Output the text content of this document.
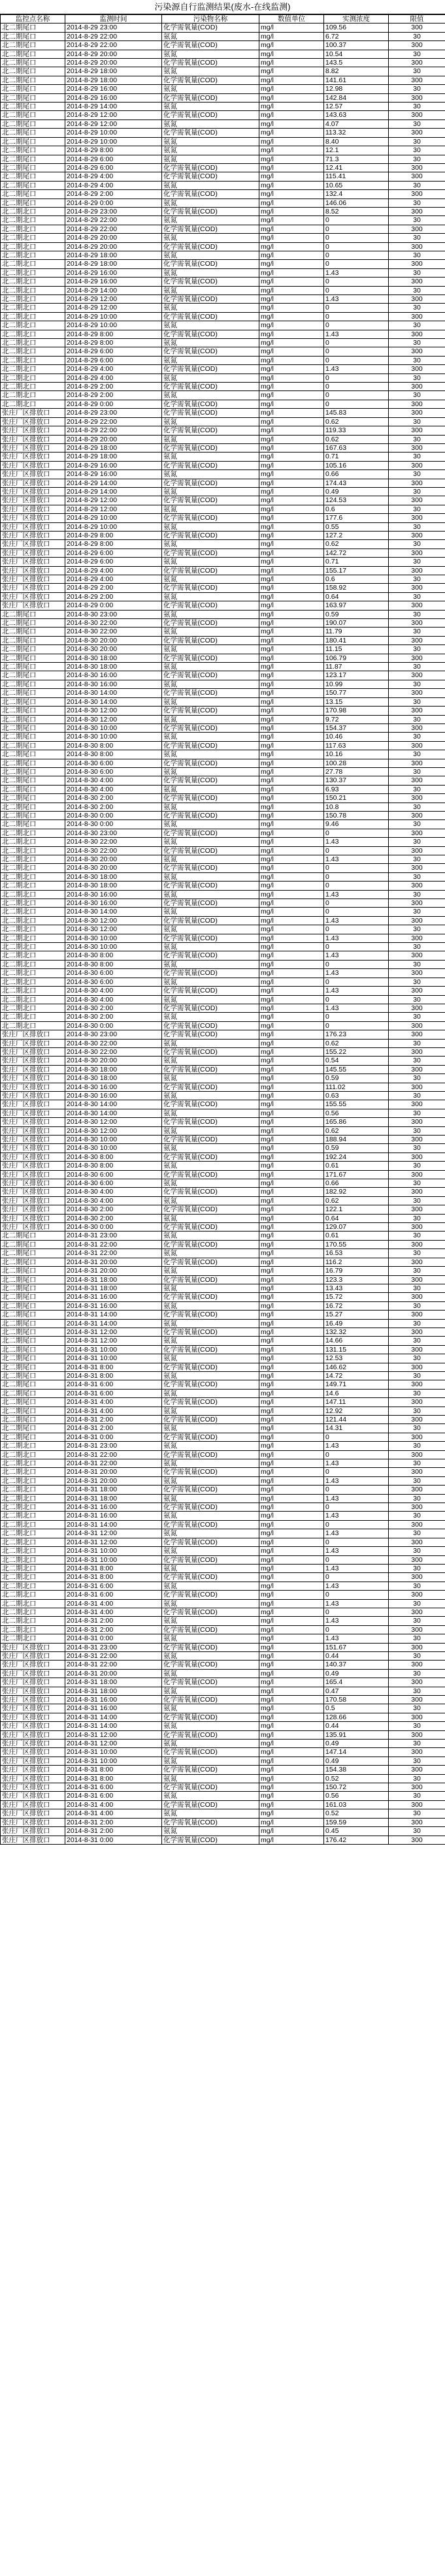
污染源自行监测结果(废水-在线监测)
监控点名称	监测时间	污染物名称	数值单位	实测浓度	限值
北二期尾口	2014-8-29 23:00	化学需氧量(COD)	mg/l	109.56	300
北二期尾口	2014-8-29 22:00	氨氮	mg/l	6.72	30
北二期尾口	2014-8-29 22:00	化学需氧量(COD)	mg/l	100.37	300
北二期尾口	2014-8-29 20:00	氨氮	mg/l	10.54	30
北二期尾口	2014-8-29 20:00	化学需氧量(COD)	mg/l	143.5	300
北二期尾口	2014-8-29 18:00	氨氮	mg/l	8.82	30
北二期尾口	2014-8-29 18:00	化学需氧量(COD)	mg/l	141.61	300
北二期尾口	2014-8-29 16:00	氨氮	mg/l	12.98	30
北二期尾口	2014-8-29 16:00	化学需氧量(COD)	mg/l	142.84	300
北二期尾口	2014-8-29 14:00	氨氮	mg/l	12.57	30
北二期尾口	2014-8-29 12:00	化学需氧量(COD)	mg/l	143.63	300
北二期尾口	2014-8-29 12:00	氨氮	mg/l	4.07	30
北二期尾口	2014-8-29 10:00	化学需氧量(COD)	mg/l	113.32	300
北二期尾口	2014-8-29 10:00	氨氮	mg/l	8.40	30
北二期尾口	2014-8-29 8:00	氨氮	mg/l	12.1	30
北二期尾口	2014-8-29 6:00	氨氮	mg/l	71.3	30
北二期尾口	2014-8-29 6:00	化学需氧量(COD)	mg/l	12.41	300
北二期尾口	2014-8-29 4:00	化学需氧量(COD)	mg/l	115.41	300
北二期尾口	2014-8-29 4:00	氨氮	mg/l	10.65	30
北二期尾口	2014-8-29 2:00	化学需氧量(COD)	mg/l	132.4	300
北二期尾口	2014-8-29 0:00	氨氮	mg/l	146.06	30
北二期北口	2014-8-29 23:00	化学需氧量(COD)	mg/l	8.52	300
北二期北口	2014-8-29 22:00	氨氮	mg/l	0	30
北二期北口	2014-8-29 22:00	化学需氧量(COD)	mg/l	0	300
北二期北口	2014-8-29 20:00	氨氮	mg/l	0	30
北二期北口	2014-8-29 20:00	化学需氧量(COD)	mg/l	0	300
北二期北口	2014-8-29 18:00	氨氮	mg/l	0	30
北二期北口	2014-8-29 18:00	化学需氧量(COD)	mg/l	0	300
北二期北口	2014-8-29 16:00	氨氮	mg/l	1.43	30
北二期北口	2014-8-29 16:00	化学需氧量(COD)	mg/l	0	300
北二期北口	2014-8-29 14:00	氨氮	mg/l	0	30
北二期北口	2014-8-29 12:00	化学需氧量(COD)	mg/l	1.43	300
北二期北口	2014-8-29 12:00	氨氮	mg/l	0	30
北二期北口	2014-8-29 10:00	化学需氧量(COD)	mg/l	0	300
北二期北口	2014-8-29 10:00	氨氮	mg/l	0	30
北二期北口	2014-8-29 8:00	化学需氧量(COD)	mg/l	1.43	300
北二期北口	2014-8-29 8:00	氨氮	mg/l	0	30
北二期北口	2014-8-29 6:00	化学需氧量(COD)	mg/l	0	300
北二期北口	2014-8-29 6:00	氨氮	mg/l	0	30
北二期北口	2014-8-29 4:00	化学需氧量(COD)	mg/l	1.43	300
北二期北口	2014-8-29 4:00	氨氮	mg/l	0	30
北二期北口	2014-8-29 2:00	化学需氧量(COD)	mg/l	0	300
北二期北口	2014-8-29 2:00	氨氮	mg/l	0	30
北二期北口	2014-8-29 0:00	化学需氧量(COD)	mg/l	0	300
张庄厂区排放口	2014-8-29 23:00	化学需氧量(COD)	mg/l	145.83	300
张庄厂区排放口	2014-8-29 22:00	氨氮	mg/l	0.62	30
张庄厂区排放口	2014-8-29 22:00	化学需氧量(COD)	mg/l	119.33	300
张庄厂区排放口	2014-8-29 20:00	氨氮	mg/l	0.62	30
张庄厂区排放口	2014-8-29 18:00	化学需氧量(COD)	mg/l	167.63	300
张庄厂区排放口	2014-8-29 18:00	氨氮	mg/l	0.71	30
张庄厂区排放口	2014-8-29 16:00	化学需氧量(COD)	mg/l	105.16	300
张庄厂区排放口	2014-8-29 16:00	氨氮	mg/l	0.66	30
张庄厂区排放口	2014-8-29 14:00	化学需氧量(COD)	mg/l	174.43	300
张庄厂区排放口	2014-8-29 14:00	氨氮	mg/l	0.49	30
张庄厂区排放口	2014-8-29 12:00	化学需氧量(COD)	mg/l	124.53	300
张庄厂区排放口	2014-8-29 12:00	氨氮	mg/l	0.6	30
张庄厂区排放口	2014-8-29 10:00	化学需氧量(COD)	mg/l	177.6	300
张庄厂区排放口	2014-8-29 10:00	氨氮	mg/l	0.55	30
张庄厂区排放口	2014-8-29 8:00	化学需氧量(COD)	mg/l	127.2	300
张庄厂区排放口	2014-8-29 8:00	氨氮	mg/l	0.62	30
张庄厂区排放口	2014-8-29 6:00	化学需氧量(COD)	mg/l	142.72	300
张庄厂区排放口	2014-8-29 6:00	氨氮	mg/l	0.71	30
张庄厂区排放口	2014-8-29 4:00	化学需氧量(COD)	mg/l	155.17	300
张庄厂区排放口	2014-8-29 4:00	氨氮	mg/l	0.6	30
张庄厂区排放口	2014-8-29 2:00	化学需氧量(COD)	mg/l	158.92	300
张庄厂区排放口	2014-8-29 2:00	氨氮	mg/l	0.64	30
张庄厂区排放口	2014-8-29 0:00	化学需氧量(COD)	mg/l	163.97	300
北二期尾口	2014-8-30 23:00	氨氮	mg/l	0.59	30
北二期尾口	2014-8-30 22:00	化学需氧量(COD)	mg/l	190.07	300
北二期尾口	2014-8-30 22:00	氨氮	mg/l	11.79	30
北二期尾口	2014-8-30 20:00	化学需氧量(COD)	mg/l	180.41	300
北二期尾口	2014-8-30 20:00	氨氮	mg/l	11.15	30
北二期尾口	2014-8-30 18:00	化学需氧量(COD)	mg/l	106.79	300
北二期尾口	2014-8-30 18:00	氨氮	mg/l	11.87	30
北二期尾口	2014-8-30 16:00	化学需氧量(COD)	mg/l	123.17	300
北二期尾口	2014-8-30 16:00	氨氮	mg/l	10.99	30
北二期尾口	2014-8-30 14:00	化学需氧量(COD)	mg/l	150.77	300
北二期尾口	2014-8-30 14:00	氨氮	mg/l	13.15	30
北二期尾口	2014-8-30 12:00	化学需氧量(COD)	mg/l	170.98	300
北二期尾口	2014-8-30 12:00	氨氮	mg/l	9.72	30
北二期尾口	2014-8-30 10:00	化学需氧量(COD)	mg/l	154.37	300
北二期尾口	2014-8-30 10:00	氨氮	mg/l	10.46	30
北二期尾口	2014-8-30 8:00	化学需氧量(COD)	mg/l	117.63	300
北二期尾口	2014-8-30 8:00	氨氮	mg/l	10.16	30
北二期尾口	2014-8-30 6:00	化学需氧量(COD)	mg/l	100.28	300
北二期尾口	2014-8-30 6:00	氨氮	mg/l	27.78	30
北二期尾口	2014-8-30 4:00	化学需氧量(COD)	mg/l	130.37	300
北二期尾口	2014-8-30 4:00	氨氮	mg/l	6.93	30
北二期尾口	2014-8-30 2:00	化学需氧量(COD)	mg/l	150.21	300
北二期尾口	2014-8-30 2:00	氨氮	mg/l	10.8	30
北二期尾口	2014-8-30 0:00	化学需氧量(COD)	mg/l	150.78	300
北二期尾口	2014-8-30 0:00	氨氮	mg/l	9.46	30
北二期北口	2014-8-30 23:00	化学需氧量(COD)	mg/l	0	300
北二期北口	2014-8-30 22:00	氨氮	mg/l	1.43	30
北二期北口	2014-8-30 22:00	化学需氧量(COD)	mg/l	0	300
北二期北口	2014-8-30 20:00	氨氮	mg/l	1.43	30
北二期北口	2014-8-30 20:00	化学需氧量(COD)	mg/l	0	300
北二期北口	2014-8-30 18:00	氨氮	mg/l	0	30
北二期北口	2014-8-30 18:00	化学需氧量(COD)	mg/l	0	300
北二期北口	2014-8-30 16:00	氨氮	mg/l	1.43	30
北二期北口	2014-8-30 16:00	化学需氧量(COD)	mg/l	0	300
北二期北口	2014-8-30 14:00	氨氮	mg/l	0	30
北二期北口	2014-8-30 12:00	化学需氧量(COD)	mg/l	1.43	300
北二期北口	2014-8-30 12:00	氨氮	mg/l	0	30
北二期北口	2014-8-30 10:00	化学需氧量(COD)	mg/l	1.43	300
北二期北口	2014-8-30 10:00	氨氮	mg/l	0	30
北二期北口	2014-8-30 8:00	化学需氧量(COD)	mg/l	1.43	300
北二期北口	2014-8-30 8:00	氨氮	mg/l	0	30
北二期北口	2014-8-30 6:00	化学需氧量(COD)	mg/l	1.43	300
北二期北口	2014-8-30 6:00	氨氮	mg/l	0	30
北二期北口	2014-8-30 4:00	化学需氧量(COD)	mg/l	1.43	300
北二期北口	2014-8-30 4:00	氨氮	mg/l	0	30
北二期北口	2014-8-30 2:00	化学需氧量(COD)	mg/l	1.43	300
北二期北口	2014-8-30 2:00	氨氮	mg/l	0	30
北二期北口	2014-8-30 0:00	化学需氧量(COD)	mg/l	0	300
张庄厂区排放口	2014-8-30 23:00	化学需氧量(COD)	mg/l	176.23	300
张庄厂区排放口	2014-8-30 22:00	氨氮	mg/l	0.62	30
张庄厂区排放口	2014-8-30 22:00	化学需氧量(COD)	mg/l	155.22	300
张庄厂区排放口	2014-8-30 20:00	氨氮	mg/l	0.54	30
张庄厂区排放口	2014-8-30 18:00	化学需氧量(COD)	mg/l	145.55	300
张庄厂区排放口	2014-8-30 18:00	氨氮	mg/l	0.59	30
张庄厂区排放口	2014-8-30 16:00	化学需氧量(COD)	mg/l	111.02	300
张庄厂区排放口	2014-8-30 16:00	氨氮	mg/l	0.63	30
张庄厂区排放口	2014-8-30 14:00	化学需氧量(COD)	mg/l	155.55	300
张庄厂区排放口	2014-8-30 14:00	氨氮	mg/l	0.56	30
张庄厂区排放口	2014-8-30 12:00	化学需氧量(COD)	mg/l	165.86	300
张庄厂区排放口	2014-8-30 12:00	氨氮	mg/l	0.62	30
张庄厂区排放口	2014-8-30 10:00	化学需氧量(COD)	mg/l	188.94	300
张庄厂区排放口	2014-8-30 10:00	氨氮	mg/l	0.59	30
张庄厂区排放口	2014-8-30 8:00	化学需氧量(COD)	mg/l	192.24	300
张庄厂区排放口	2014-8-30 8:00	氨氮	mg/l	0.61	30
张庄厂区排放口	2014-8-30 6:00	化学需氧量(COD)	mg/l	171.67	300
张庄厂区排放口	2014-8-30 6:00	氨氮	mg/l	0.66	30
张庄厂区排放口	2014-8-30 4:00	化学需氧量(COD)	mg/l	182.92	300
张庄厂区排放口	2014-8-30 4:00	氨氮	mg/l	0.62	30
张庄厂区排放口	2014-8-30 2:00	化学需氧量(COD)	mg/l	122.1	300
张庄厂区排放口	2014-8-30 2:00	氨氮	mg/l	0.64	30
张庄厂区排放口	2014-8-30 0:00	化学需氧量(COD)	mg/l	129.07	300
北二期尾口	2014-8-31 23:00	氨氮	mg/l	0.61	30
北二期尾口	2014-8-31 22:00	化学需氧量(COD)	mg/l	170.55	300
北二期尾口	2014-8-31 22:00	氨氮	mg/l	16.53	30
北二期尾口	2014-8-31 20:00	化学需氧量(COD)	mg/l	116.2	300
北二期尾口	2014-8-31 20:00	氨氮	mg/l	16.79	30
北二期尾口	2014-8-31 18:00	化学需氧量(COD)	mg/l	123.3	300
北二期尾口	2014-8-31 18:00	氨氮	mg/l	13.43	30
北二期尾口	2014-8-31 16:00	化学需氧量(COD)	mg/l	15.72	300
北二期尾口	2014-8-31 16:00	氨氮	mg/l	16.72	30
北二期尾口	2014-8-31 14:00	化学需氧量(COD)	mg/l	15.27	300
北二期尾口	2014-8-31 14:00	氨氮	mg/l	16.49	30
北二期尾口	2014-8-31 12:00	化学需氧量(COD)	mg/l	132.32	300
北二期尾口	2014-8-31 12:00	氨氮	mg/l	14.66	30
北二期尾口	2014-8-31 10:00	化学需氧量(COD)	mg/l	131.15	300
北二期尾口	2014-8-31 10:00	氨氮	mg/l	12.53	30
北二期尾口	2014-8-31 8:00	化学需氧量(COD)	mg/l	146.62	300
北二期尾口	2014-8-31 8:00	氨氮	mg/l	14.72	30
北二期尾口	2014-8-31 6:00	化学需氧量(COD)	mg/l	149.71	300
北二期尾口	2014-8-31 6:00	氨氮	mg/l	14.6	30
北二期尾口	2014-8-31 4:00	化学需氧量(COD)	mg/l	147.11	300
北二期尾口	2014-8-31 4:00	氨氮	mg/l	12.92	30
北二期尾口	2014-8-31 2:00	化学需氧量(COD)	mg/l	121.44	300
北二期尾口	2014-8-31 2:00	氨氮	mg/l	14.31	30
北二期尾口	2014-8-31 0:00	化学需氧量(COD)	mg/l	0	300
北二期北口	2014-8-31 23:00	氨氮	mg/l	1.43	30
北二期北口	2014-8-31 22:00	化学需氧量(COD)	mg/l	0	300
北二期北口	2014-8-31 22:00	氨氮	mg/l	1.43	30
北二期北口	2014-8-31 20:00	化学需氧量(COD)	mg/l	0	300
北二期北口	2014-8-31 20:00	氨氮	mg/l	1.43	30
北二期北口	2014-8-31 18:00	化学需氧量(COD)	mg/l	0	300
北二期北口	2014-8-31 18:00	氨氮	mg/l	1.43	30
北二期北口	2014-8-31 16:00	化学需氧量(COD)	mg/l	0	300
北二期北口	2014-8-31 16:00	氨氮	mg/l	1.43	30
北二期北口	2014-8-31 14:00	化学需氧量(COD)	mg/l	0	300
北二期北口	2014-8-31 12:00	氨氮	mg/l	1.43	30
北二期北口	2014-8-31 12:00	化学需氧量(COD)	mg/l	0	300
北二期北口	2014-8-31 10:00	氨氮	mg/l	1.43	30
北二期北口	2014-8-31 10:00	化学需氧量(COD)	mg/l	0	300
北二期北口	2014-8-31 8:00	氨氮	mg/l	1.43	30
北二期北口	2014-8-31 8:00	化学需氧量(COD)	mg/l	0	300
北二期北口	2014-8-31 6:00	氨氮	mg/l	1.43	30
北二期北口	2014-8-31 6:00	化学需氧量(COD)	mg/l	0	300
北二期北口	2014-8-31 4:00	氨氮	mg/l	1.43	30
北二期北口	2014-8-31 4:00	化学需氧量(COD)	mg/l	0	300
北二期北口	2014-8-31 2:00	氨氮	mg/l	1.43	30
北二期北口	2014-8-31 2:00	化学需氧量(COD)	mg/l	0	300
北二期北口	2014-8-31 0:00	氨氮	mg/l	1.43	30
张庄厂区排放口	2014-8-31 23:00	化学需氧量(COD)	mg/l	151.67	300
张庄厂区排放口	2014-8-31 22:00	氨氮	mg/l	0.44	30
张庄厂区排放口	2014-8-31 22:00	化学需氧量(COD)	mg/l	140.37	300
张庄厂区排放口	2014-8-31 20:00	氨氮	mg/l	0.49	30
张庄厂区排放口	2014-8-31 18:00	化学需氧量(COD)	mg/l	165.4	300
张庄厂区排放口	2014-8-31 18:00	氨氮	mg/l	0.47	30
张庄厂区排放口	2014-8-31 16:00	化学需氧量(COD)	mg/l	170.58	300
张庄厂区排放口	2014-8-31 16:00	氨氮	mg/l	0.5	30
张庄厂区排放口	2014-8-31 14:00	化学需氧量(COD)	mg/l	128.66	300
张庄厂区排放口	2014-8-31 14:00	氨氮	mg/l	0.44	30
张庄厂区排放口	2014-8-31 12:00	化学需氧量(COD)	mg/l	135.91	300
张庄厂区排放口	2014-8-31 12:00	氨氮	mg/l	0.49	30
张庄厂区排放口	2014-8-31 10:00	化学需氧量(COD)	mg/l	147.14	300
张庄厂区排放口	2014-8-31 10:00	氨氮	mg/l	0.49	30
张庄厂区排放口	2014-8-31 8:00	化学需氧量(COD)	mg/l	154.38	300
张庄厂区排放口	2014-8-31 8:00	氨氮	mg/l	0.52	30
张庄厂区排放口	2014-8-31 6:00	化学需氧量(COD)	mg/l	150.72	300
张庄厂区排放口	2014-8-31 6:00	氨氮	mg/l	0.56	30
张庄厂区排放口	2014-8-31 4:00	化学需氧量(COD)	mg/l	161.03	300
张庄厂区排放口	2014-8-31 4:00	氨氮	mg/l	0.52	30
张庄厂区排放口	2014-8-31 2:00	化学需氧量(COD)	mg/l	159.59	300
张庄厂区排放口	2014-8-31 2:00	氨氮	mg/l	0.45	30
张庄厂区排放口	2014-8-31 0:00	化学需氧量(COD)	mg/l	176.42	300
